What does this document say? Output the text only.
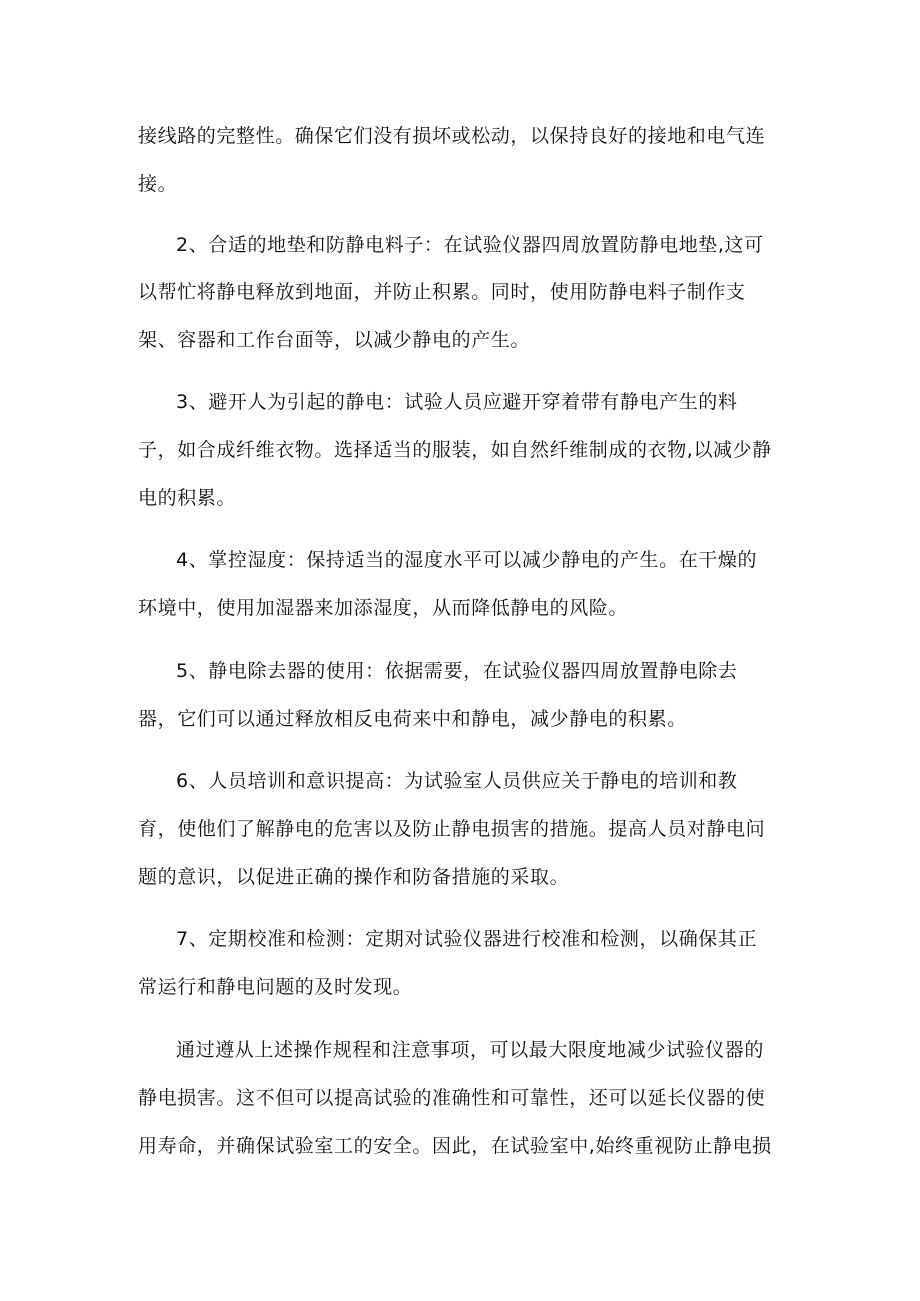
接线路的完整性。确保它们没有损坏或松动，以保持良好的接地和电气连
接。
2、合适的地垫和防静电料子：在试验仪器四周放置防静电地垫,这可
以帮忙将静电释放到地面，并防止积累。同时，使用防静电料子制作支
架、容器和工作台面等，以减少静电的产生。
3、避开人为引起的静电：试验人员应避开穿着带有静电产生的料
子，如合成纤维衣物。选择适当的服装，如自然纤维制成的衣物,以减少静
电的积累。
4、掌控湿度：保持适当的湿度水平可以减少静电的产生。在干燥的
环境中，使用加湿器来加添湿度，从而降低静电的风险。
5、静电除去器的使用：依据需要，在试验仪器四周放置静电除去
器，它们可以通过释放相反电荷来中和静电，减少静电的积累。
6、人员培训和意识提高：为试验室人员供应关于静电的培训和教
育，使他们了解静电的危害以及防止静电损害的措施。提高人员对静电问
题的意识，以促进正确的操作和防备措施的采取。
7、定期校准和检测：定期对试验仪器进行校准和检测，以确保其正
常运行和静电问题的及时发现。
通过遵从上述操作规程和注意事项，可以最大限度地减少试验仪器的
静电损害。这不但可以提高试验的准确性和可靠性，还可以延长仪器的使
用寿命，并确保试验室工的安全。因此，在试验室中,始终重视防止静电损
